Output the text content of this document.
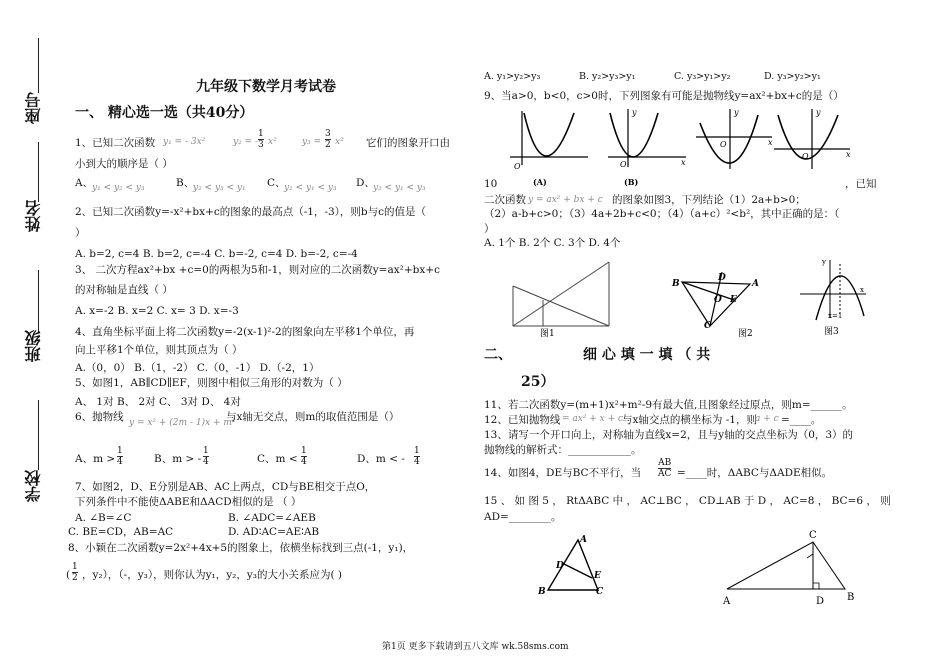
座号
姓名
班级
学校
九年级下数学月考试卷
一、 精心选一选（共40分）
1、已知二次函数 y₁ = - 3x²	y₂ = - $\frac{1}{3} x^2$	$y_3 = \frac{3}{2} x^2$ 它们的图象开口由
小到大的顺序是（ ）
A、
y₁ < y₂ < y₃	B、
y₂ < y₃ < y₁ C、
y₂ < y₁ < y₃ D、
y₂ < y₁ < y₃
2、已知二次函数y=-x²+bx+c的图象的最高点（-1，-3），则b与c的值是（
）
A. b=2, c=4 B. b=2, c=-4 C. b=-2, c=4 D. b=-2, c=-4
3、 二次方程ax²+bx +c=0的两根为5和-1，则对应的二次函数y=ax²+bx+c
的对称轴是直线（ ）
A. x=-2 B. x=2 C. x= 3 D. x=-3
4、直角坐标平面上将二次函数y=-2(x-1)²-2的图象向左平移1个单位，再
向上平移1个单位，则其顶点为（ ）
A.（0，0） B.（1，-2） C.（0，-1） D.（-2，1）
5、如图1，AB∥CD∥EF，则图中相似三角形的对数为（ ）
A、 1对 B、 2对 C、 3对 D、 4对
6、抛物线 y = x² + (2m - 1)x + m²
与x轴无交点，则m的取值范围是（）
A、$m > \frac{1}{4}$	B、m > - $\frac{1}{4}$	C、$m < \frac{1}{4}$	D、m < - $\frac{1}{4}$
7、如图2，D、E分别是AB、AC上两点，CD与BE相交于点O，
下列条件中不能使ΔABE和ΔACD相似的是 （ ）
A. ∠B=∠C	B. ∠ADC=∠AEB
C. BE=CD，AB=AC	D. AD∶AC=AE∶AB
8、小颖在二次函数y=2x²+4x+5的图象上，依横坐标找到三点(-1，y₁)，
( $\frac{1}{2}$ ，y₂），（-，y₃），则你认为y₁，y₂，y₃的大小关系应为( )
A. y₁>y₂>y₃	B. y₂>y₃>y₁	C. y₃>y₁>y₂	D. y₃>y₂>y₁
9、当a>0，b<0，c>0时，下列图象有可能是抛物线y=ax²+bx+c的是（）
O
(A)
y
x
O
(B)
y
x
O
y
x
O
10	，已知
二次函数 y = ax² + bx + c 的图象如图3，下列结论（1）2a+b>0；
（2）a-b+c>0；（3）4a+2b+c<0；（4）（a+c）²<b²，其中正确的是：（
）
A. 1个 B. 2个 C. 3个 D. 4个
图1
B
D
A
O E
C
图2
x
y
x=1
图3
二、	细 心 填 一 填 （ 共
25）
11、若二次函数y=(m+1)x²+m²-9有最大值,且图象经过原点，则m=______。
12、已知抛物线
y = ax² + x + c
与x轴交点的横坐标为 -1，则
a + c =____。
13、请写一个开口向上，对称轴为直线x=2，且与y轴的交点坐标为（0，3）的
抛物线的解析式：____________。
14、如图4，DE与BC不平行，当 $\frac{AB}{AC}$ =____时，ΔABC与ΔADE相似。
15 、 如 图 5 ， RtΔABC 中 ， AC⊥BC ， CD⊥AB 于 D ， AC=8 ， BC=6 ， 则
AD=________。
A
D
E
B	C
C
A	D B
第1页 更多下载请到五八文库 wk.58sms.com
